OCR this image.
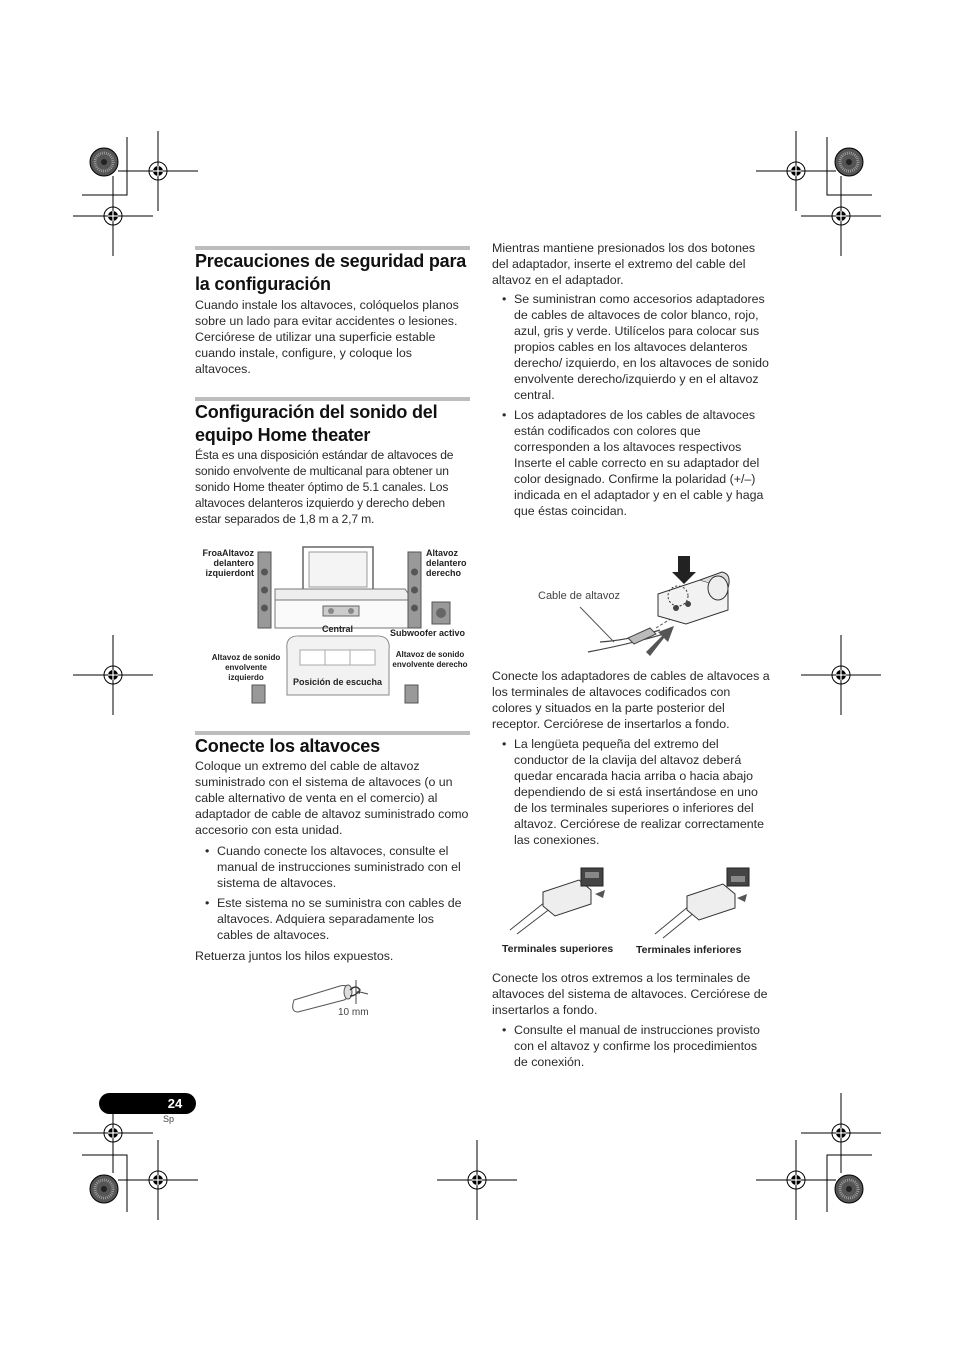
Precauciones de seguridad para la configuración

Cuando instale los altavoces, colóquelos planos sobre un lado para evitar accidentes o lesiones. Cerciórese de utilizar una superficie estable cuando instale, configure, y coloque los altavoces.

Configuración del sonido del equipo Home theater

Ésta es una disposición estándar de altavoces de sonido envolvente de multicanal para obtener un sonido Home theater óptimo de 5.1 canales. Los altavoces delanteros izquierdo y derecho deben estar separados de 1,8 m a 2,7 m.

FroaAltavoz delantero izquierdont
Altavoz delantero derecho
Central	Subwoofer activo
Altavoz de sonido envolvente izquierdo
Altavoz de sonido envolvente derecho
Posición de escucha
Conecte los altavoces

Coloque un extremo del cable de altavoz suministrado con el sistema de altavoces (o un cable alternativo de venta en el comercio) al adaptador de cable de altavoz suministrado como accesorio con esta unidad.

• Cuando conecte los altavoces, consulte el manual de instrucciones suministrado con el sistema de altavoces.
• Este sistema no se suministra con cables de altavoces. Adquiera separadamente los cables de altavoces.

Retuerza juntos los hilos expuestos.

10 mm

Mientras mantiene presionados los dos botones del adaptador, inserte el extremo del cable del altavoz en el adaptador.

• Se suministran como accesorios adaptadores de cables de altavoces de color blanco, rojo, azul, gris y verde. Utilícelos para colocar sus propios cables en los altavoces delanteros derecho/ izquierdo, en los altavoces de sonido envolvente derecho/izquierdo y en el altavoz central.
• Los adaptadores de los cables de altavoces están codificados con colores que corresponden a los altavoces respectivos Inserte el cable correcto en su adaptador del color designado. Confirme la polaridad (+/–) indicada en el adaptador y en el cable y haga que éstas coincidan.
Cable de altavoz

Conecte los adaptadores de cables de altavoces a los terminales de altavoces codificados con colores y situados en la parte posterior del receptor. Cerciórese de insertarlos a fondo.

• La lengüeta pequeña del extremo del conductor de la clavija del altavoz deberá quedar encarada hacia arriba o hacia abajo dependiendo de si está insertándose en uno de los terminales superiores o inferiores del altavoz. Cerciórese de realizar correctamente las conexiones.
Terminales superiores Terminales inferiores

Conecte los otros extremos a los terminales de altavoces del sistema de altavoces. Cerciórese de insertarlos a fondo.

• Consulte el manual de instrucciones provisto con el altavoz y confirme los procedimientos de conexión.
24
Sp
